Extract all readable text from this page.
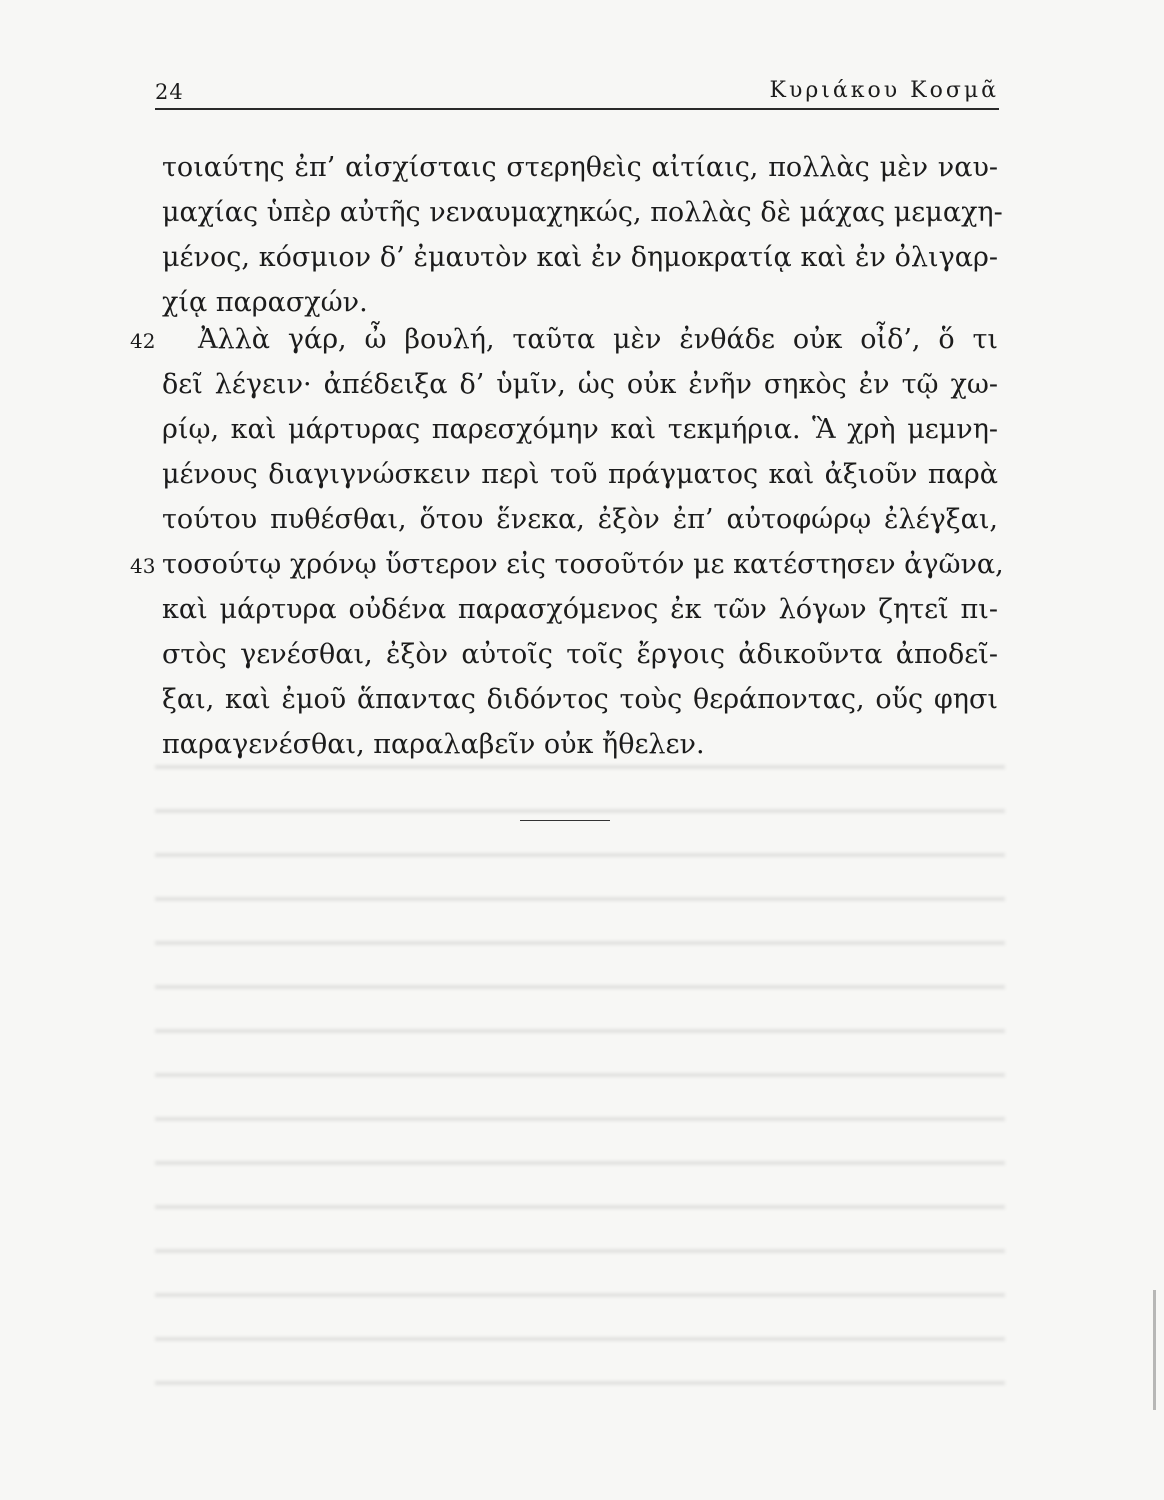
24	Κυριάκου Κοσμᾶ
τοιαύτης ἐπ’ αἰσχίσταις στερηθεὶς αἰτίαις, πολλὰς μὲν ναυ-
μαχίας ὑπὲρ αὐτῆς νεναυμαχηκώς, πολλὰς δὲ μάχας μεμαχη-
μένος, κόσμιον δ’ ἐμαυτὸν καὶ ἐν δημοκρατίᾳ καὶ ἐν ὀλιγαρ-
χίᾳ παρασχών.
42 Ἀλλὰ γάρ, ὦ βουλή, ταῦτα μὲν ἐνθάδε οὐκ οἶδ’, ὅ τι
δεῖ λέγειν· ἀπέδειξα δ’ ὑμῖν, ὡς οὐκ ἐνῆν σηκὸς ἐν τῷ χω-
ρίῳ, καὶ μάρτυρας παρεσχόμην καὶ τεκμήρια. Ἃ χρὴ μεμνη-
μένους διαγιγνώσκειν περὶ τοῦ πράγματος καὶ ἀξιοῦν παρὰ
τούτου πυθέσθαι, ὅτου ἕνεκα, ἐξὸν ἐπ’ αὐτοφώρῳ ἐλέγξαι,
43 τοσούτῳ χρόνῳ ὕστερον εἰς τοσοῦτόν με κατέστησεν ἀγῶνα,
καὶ μάρτυρα οὐδένα παρασχόμενος ἐκ τῶν λόγων ζητεῖ πι-
στὸς γενέσθαι, ἐξὸν αὐτοῖς τοῖς ἔργοις ἀδικοῦντα ἀποδεῖ-
ξαι, καὶ ἐμοῦ ἅπαντας διδόντος τοὺς θεράποντας, οὕς φησι
παραγενέσθαι, παραλαβεῖν οὐκ ἤθελεν.
